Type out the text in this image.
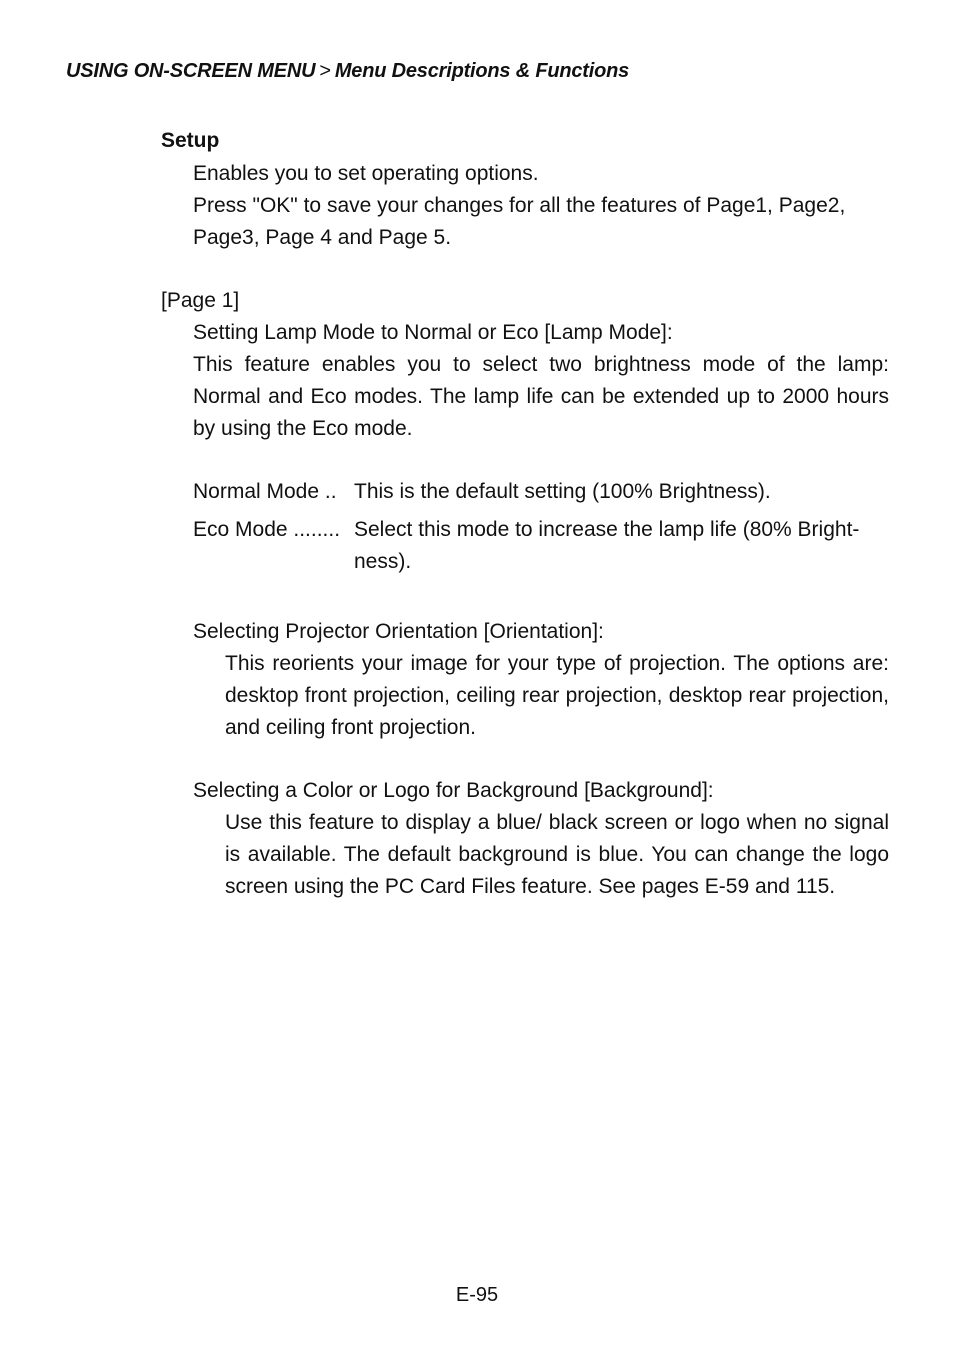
USING ON-SCREEN MENU > Menu Descriptions & Functions
Setup
Enables you to set operating options.
Press "OK" to save your changes for all the features of Page1, Page2, Page3, Page 4 and Page 5.
[Page 1]
Setting Lamp Mode to Normal or Eco [Lamp Mode]:
This feature enables you to select two brightness mode of the lamp: Normal and Eco modes. The lamp life can be extended up to 2000 hours by using the Eco mode.
Normal Mode .. This is the default setting (100% Brightness).
Eco Mode ........ Select this mode to increase the lamp life (80% Bright-ness).
Selecting Projector Orientation [Orientation]:
This reorients your image for your type of projection. The options are: desktop front projection, ceiling rear projection, desktop rear projection, and ceiling front projection.
Selecting a Color or Logo for Background [Background]:
Use this feature to display a blue/ black screen or logo when no signal is available. The default background is blue. You can change the logo screen using the PC Card Files feature. See pages E-59 and 115.
E-95
